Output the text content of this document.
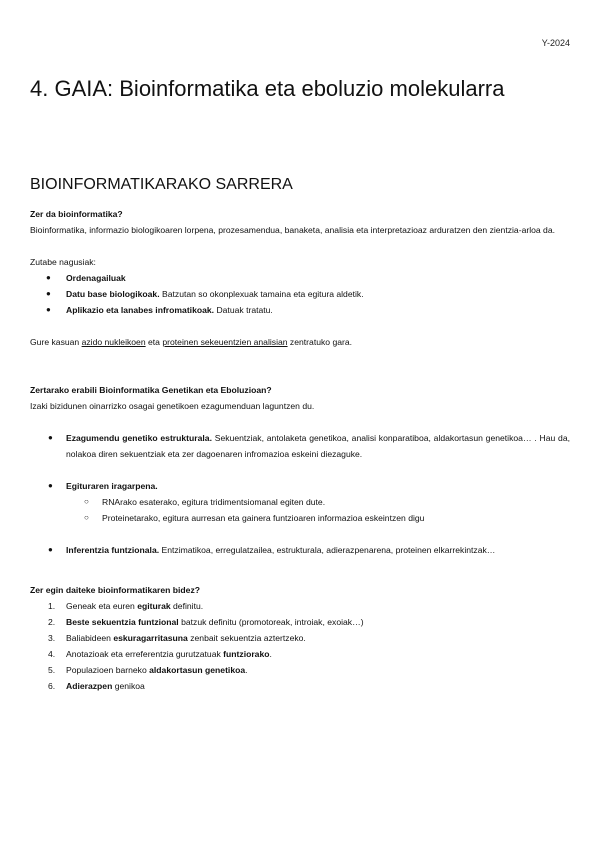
Y-2024
4. GAIA: Bioinformatika eta eboluzio molekularra
BIOINFORMATIKARAKO SARRERA

Zer da bioinformatika?

Bioinformatika, informazio biologikoaren lorpena, prozesamendua, banaketa, analisia eta interpretazioaz arduratzen den zientzia-arloa da.

Zutabe nagusiak:

● Ordenagailuak
● Datu base biologikoak. Batzutan so okonplexuak tamaina eta egitura aldetik.
● Aplikazio eta lanabes infromatikoak. Datuak tratatu.

Gure kasuan azido nukleikoen eta proteinen sekeuentzien analisian zentratuko gara.

Zertarako erabili Bioinformatika Genetikan eta Eboluzioan?

Izaki bizidunen oinarrizko osagai genetikoen ezagumenduan laguntzen du.

● Ezagumendu genetiko estrukturala. Sekuentziak, antolaketa genetikoa, analisi konparatiboa, aldakortasun genetikoa… . Hau da, nolakoa diren sekuentziak eta zer dagoenaren infromazioa eskeini diezaguke.
● Egituraren iragarpena.
○ RNArako esaterako, egitura tridimentsiomanal egiten dute.
○ Proteinetarako, egitura aurresan eta gainera funtzioaren informazioa eskeintzen digu
● Inferentzia funtzionala. Entzimatikoa, erregulatzailea, estrukturala, adierazpenarena, proteinen elkarrekintzak…

Zer egin daiteke bioinformatikaren bidez?

1. Geneak eta euren egiturak definitu.
2. Beste sekuentzia funtzional batzuk definitu (promotoreak, introiak, exoiak…)
3. Baliabideen eskuragarritasuna zenbait sekuentzia aztertzeko.
4. Anotazioak eta erreferentzia gurutzatuak funtziorako.
5. Populazioen barneko aldakortasun genetikoa.
6. Adierazpen genikoa
